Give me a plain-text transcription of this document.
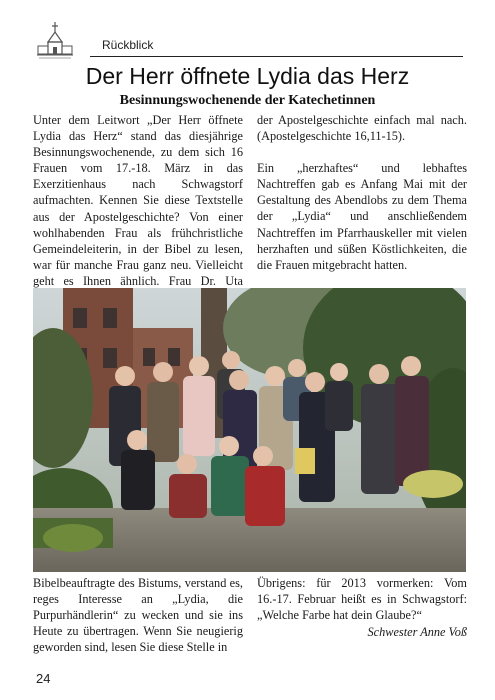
Rückblick
Der Herr öffnete Lydia das Herz
Besinnungswochenende der Katechetinnen

Unter dem Leitwort „Der Herr öffnete Lydia das Herz“ stand das diesjährige Besinnungswochenende, zu dem sich 16 Frauen vom 17.-18. März in das Exerzitienhaus nach Schwagstorf aufmachten. Kennen Sie diese Textstelle aus der Apostelgeschichte? Von einer wohlhabenden Frau als frühchristliche Gemeindeleiterin, in der Bibel zu lesen, war für manche Frau ganz neu. Vielleicht geht es Ihnen ähnlich. Frau Dr. Uta

der Apostelgeschichte einfach mal nach. (Apostelgeschichte 16,11-15).

Ein „herzhaftes“ und lebhaftes Nachtreffen gab es Anfang Mai mit der Gestaltung des Abendlobs zu dem Thema der „Lydia“ und anschließendem Nachtreffen im Pfarrhauskeller mit vielen herzhaften und süßen Köstlichkeiten, die die Frauen mitgebracht hatten.

Bibelbeauftragte des Bistums, verstand es, reges Interesse an „Lydia, die Purpurhändlerin“ zu wecken und sie ins Heute zu übertragen. Wenn Sie neugierig geworden sind, lesen Sie diese Stelle in

Übrigens: für 2013 vormerken: Vom 16.-17. Februar heißt es in Schwagstorf: „Welche Farbe hat dein Glaube?“

Schwester Anne Voß
24
